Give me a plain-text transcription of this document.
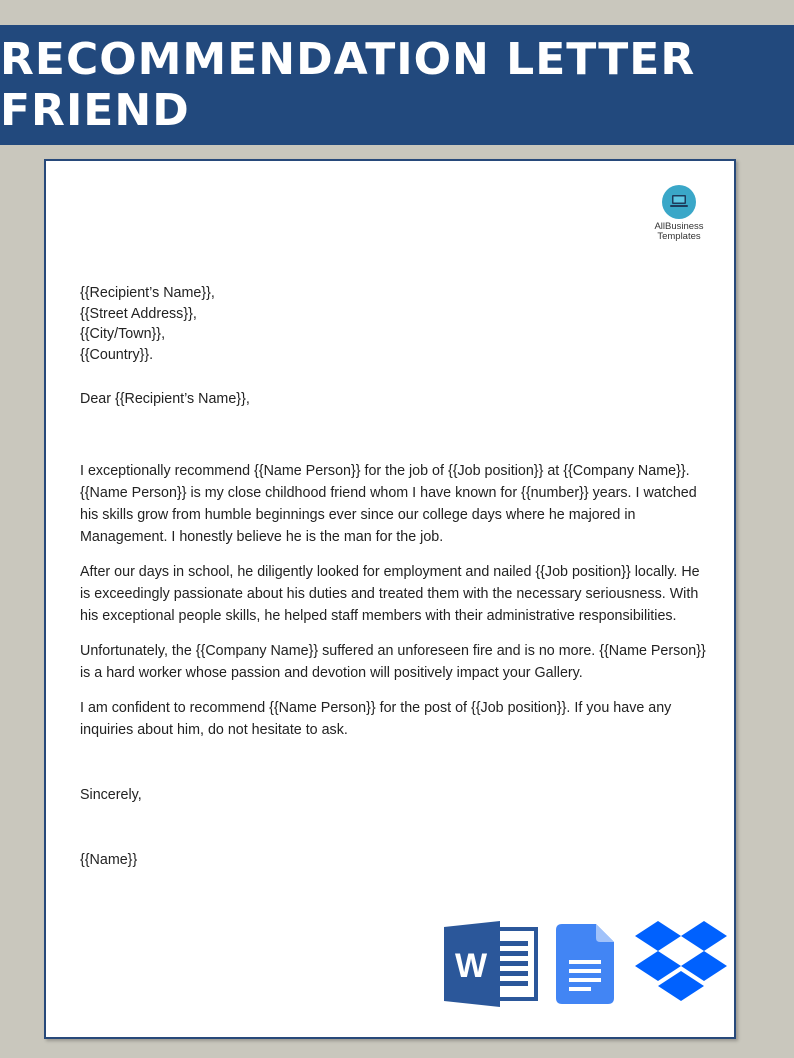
RECOMMENDATION LETTER FRIEND
AllBusiness
Templates
{{Recipient’s Name}},
{{Street Address}},
{{City/Town}},
{{Country}}.

Dear {{Recipient’s Name}},

I exceptionally recommend {{Name Person}} for the job of {{Job position}} at {{Company Name}}. {{Name Person}} is my close childhood friend whom I have known for {{number}} years. I watched his skills grow from humble beginnings ever since our college days where he majored in Management. I honestly believe he is the man for the job.

After our days in school, he diligently looked for employment and nailed {{Job position}} locally. He is exceedingly passionate about his duties and treated them with the necessary seriousness. With his exceptional people skills, he helped staff members with their administrative responsibilities.

Unfortunately, the {{Company Name}} suffered an unforeseen fire and is no more. {{Name Person}} is a hard worker whose passion and devotion will positively impact your Gallery.

I am confident to recommend {{Name Person}} for the post of {{Job position}}. If you have any inquiries about him, do not hesitate to ask.

Sincerely,

{{Name}}

W
